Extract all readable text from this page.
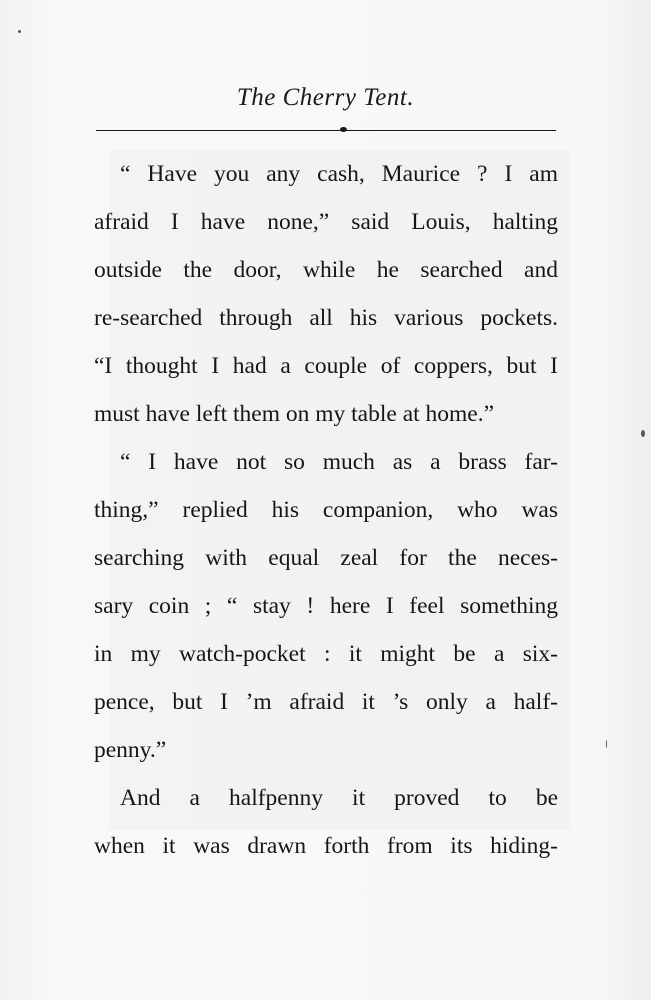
The Cherry Tent.
“ Have you any cash, Maurice ? I am
afraid I have none,” said Louis, halting
outside the door, while he searched and
re-searched through all his various pockets.
“I thought I had a couple of coppers, but I
must have left them on my table at home.”
“ I have not so much as a brass far-
thing,” replied his companion, who was
searching with equal zeal for the neces-
sary coin ; “ stay ! here I feel something
in my watch-pocket : it might be a six-
pence, but I ’m afraid it ’s only a half-
penny.”
And a halfpenny it proved to be
when it was drawn forth from its hiding-
